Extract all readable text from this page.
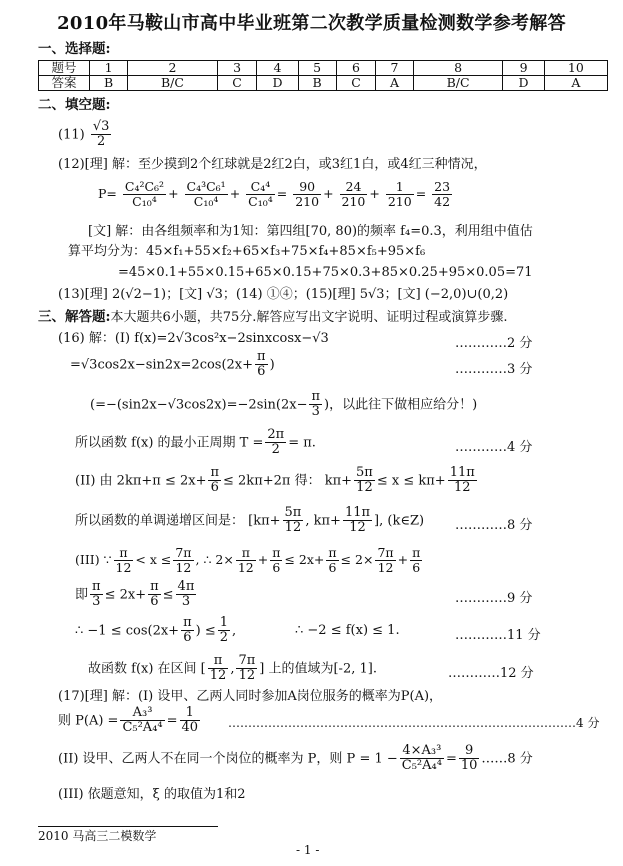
2010年马鞍山市高中毕业班第二次教学质量检测数学参考解答
一、选择题:
题号	1	2	3	4	5	6	7	8	9	10
答案	B	B/C	C	D	B	C	A	B/C	D	A
二、填空题:
$(11) \frac{√3}{2}$
(12)[理] 解：至少摸到2个红球就是2红2白，或3红1白，或4红三种情况，
$P= \frac{\text{C₄²C₆²}}{\text{C₁₀⁴}} + \frac{\text{C₄³C₆¹}}{\text{C₁₀⁴}} + \frac{\text{C₄⁴}}{\text{C₁₀⁴}} = \frac{90}{210} + \frac{24}{210} + \frac{1}{210} = \frac{23}{42}$
[文] 解：由各组频率和为1知：第四组[70, 80)的频率 f₄=0.3，利用组中值估
算平均分为：45×f₁+55×f₂+65×f₃+75×f₄+85×f₅+95×f₆
=45×0.1+55×0.15+65×0.15+75×0.3+85×0.25+95×0.05=71
(13)[理] 2(√2−1)；[文] √3；(14) ①④；(15)[理] 5√3；[文] (−2,0)∪(0,2)
三、解答题:本大题共6小题，共75分.解答应写出文字说明、证明过程或演算步骤.
(16) 解：(I) f(x)=2√3cos²x−2sinxcosx−√3	…………2 分
$=√3\cos 2x-\sin 2x=2\cos(2x+ \frac{\pi}{6}$ )	…………3 分
($=-(\sin 2x-√3\cos 2x)=-2\sin(2x- \frac{\pi}{3}$ )，以此往下做相应给分！)
所以函数 f(x) 的最小正周期 $T = \frac{2\pi}{2} = \pi$.	…………4 分
(II) 由 $2k\pi+\pi \le 2x+ \frac{\pi}{6} \le 2k\pi+2\pi$ 得： $k\pi+ \frac{5\pi}{12} \le x \le k\pi+ \frac{11\pi}{12}$
所以函数的单调递增区间是： [$k\pi+ \frac{5\pi}{12}$ , $k\pi+ \frac{11\pi}{12}$ ], (k∈Z) …………8 分
(III) ∵ $\frac{\pi}{12} < x \le \frac{7\pi}{12}$ , ∴ $2\times \frac{\pi}{12} + \frac{\pi}{6} \le 2x+ \frac{\pi}{6} \le 2\times \frac{7\pi}{12} + \frac{\pi}{6}$
即 $\frac{\pi}{3} \le 2x+ \frac{\pi}{6} \le \frac{4\pi}{3}$	…………9 分
∴ $-1 \le \cos(2x+ \frac{\pi}{6}$ ) ≤ $\frac{1}{2}$ ,	∴ −2 ≤ f(x) ≤ 1.	…………11 分
故函数 f(x) 在区间 [ $\frac{\pi}{12}$ , $\frac{7\pi}{12}$ ] 上的值域为[-2, 1].	…………12 分
(17)[理] 解：(I) 设甲、乙两人同时参加A岗位服务的概率为P(A)，
则 $P(A) = \frac{\text{A₃³}}{\text{C₅²A₄⁴}} = \frac{1}{40}$ ……………………………………………………………………………4 分
(II) 设甲、乙两人不在同一个岗位的概率为 P，则 $P = 1 - \frac{\text{4×A₃³}}{\text{C₅²A₄⁴}} = \frac{9}{10}$ ……8 分
(III) 依题意知，ξ 的取值为1和2
2010 马高三二模数学
- 1 -
